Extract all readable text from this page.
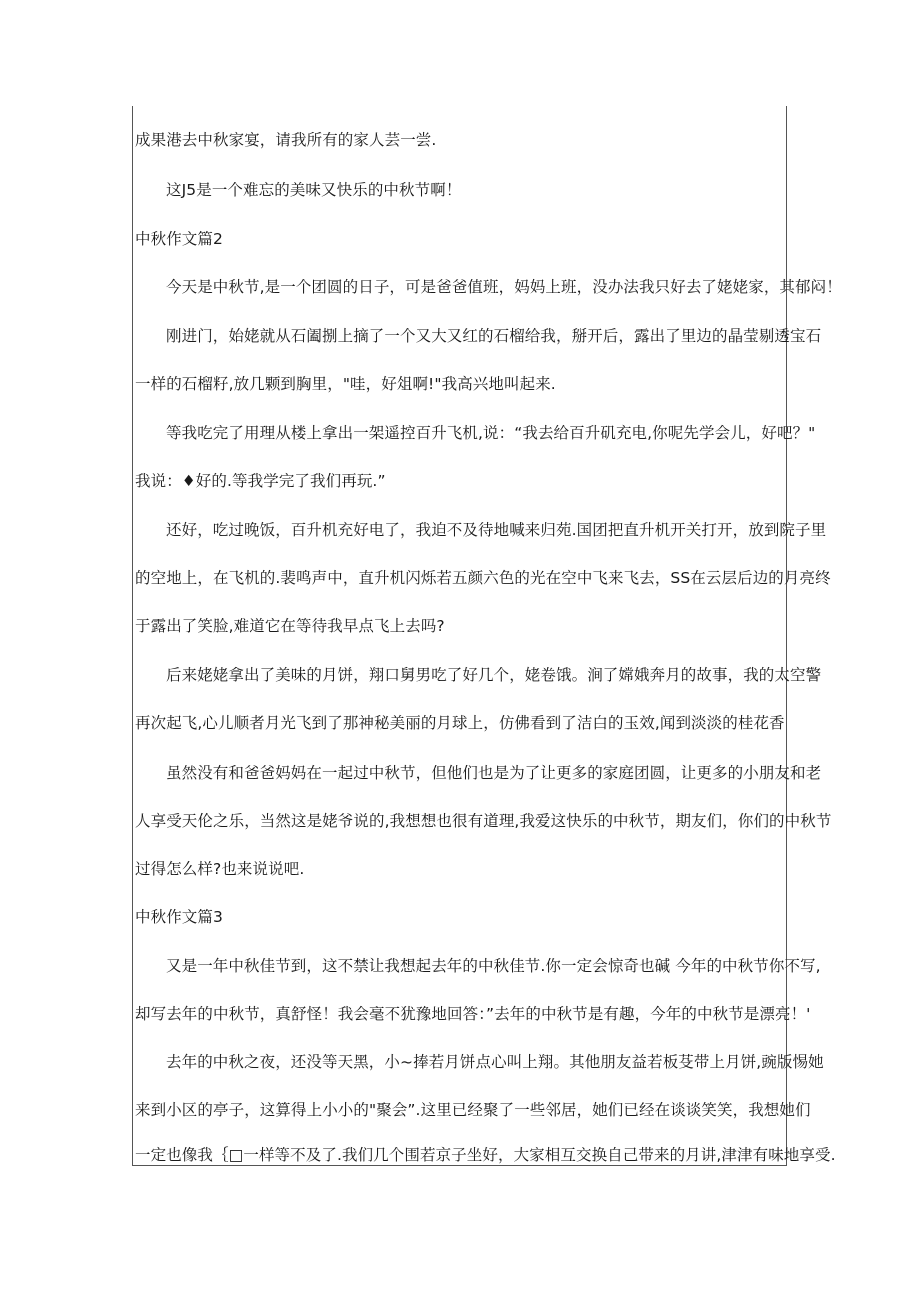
成果港去中秋家宴，请我所有的家人芸一尝.

这J5是一个难忘的美味又快乐的中秋节啊！

中秋作文篇2

今天是中秋节,是一个团圆的日子，可是爸爸值班，妈妈上班，没办法我只好去了姥姥家，其郁闷！

刚进门，始姥就从石阖捌上摘了一个又大又红的石榴给我，掰开后，露出了里边的晶莹剔透宝石

一样的石榴籽,放几颗到胸里，"哇，好俎啊!"我高兴地叫起来.

等我吃完了用理从楼上拿出一架遥控百升飞机,说：“我去给百升矶充电,你呢先学会儿，好吧？"

我说：♦好的.等我学完了我们再玩.”

还好，吃过晚饭，百升机充好电了，我迫不及待地喊来归苑.国团把直升机开关打开，放到院子里

的空地上，在飞机的.裴鸣声中，直升机闪烁若五颜六色的光在空中飞来飞去，SS在云层后边的月亮终

于露出了笑脸,难道它在等待我早点飞上去吗?

后来姥姥拿出了美味的月饼，翔口舅男吃了好几个，姥卷饿。涧了嫦娥奔月的故事，我的太空警

再次起飞,心儿顺者月光飞到了那神秘美丽的月球上，仿佛看到了洁白的玉效,闻到淡淡的桂花香

虽然没有和爸爸妈妈在一起过中秋节，但他们也是为了让更多的家庭团圆，让更多的小朋友和老

人享受天伦之乐，当然这是姥爷说的,我想想也很有道理,我爱这快乐的中秋节，期友们，你们的中秋节

过得怎么样?也来说说吧.

中秋作文篇3

又是一年中秋佳节到，这不禁让我想起去年的中秋佳节.你一定会惊奇也碱 今年的中秋节你不写,

却写去年的中秋节，真舒怪！我会毫不犹豫地回答：”去年的中秋节是有趣，今年的中秋节是漂亮！'

去年的中秋之夜，还没等天黑，小~捧若月饼点心叫上翔。其他朋友益若板芟带上月饼,豌版惕她

来到小区的亭子，这算得上小小的"聚会”.这里已经聚了一些邻居，她们已经在谈谈笑笑，我想她们

一定也像我｛□一样等不及了.我们几个围若京子坐好，大家相互交换自己带来的月讲,津津有味地享受.
